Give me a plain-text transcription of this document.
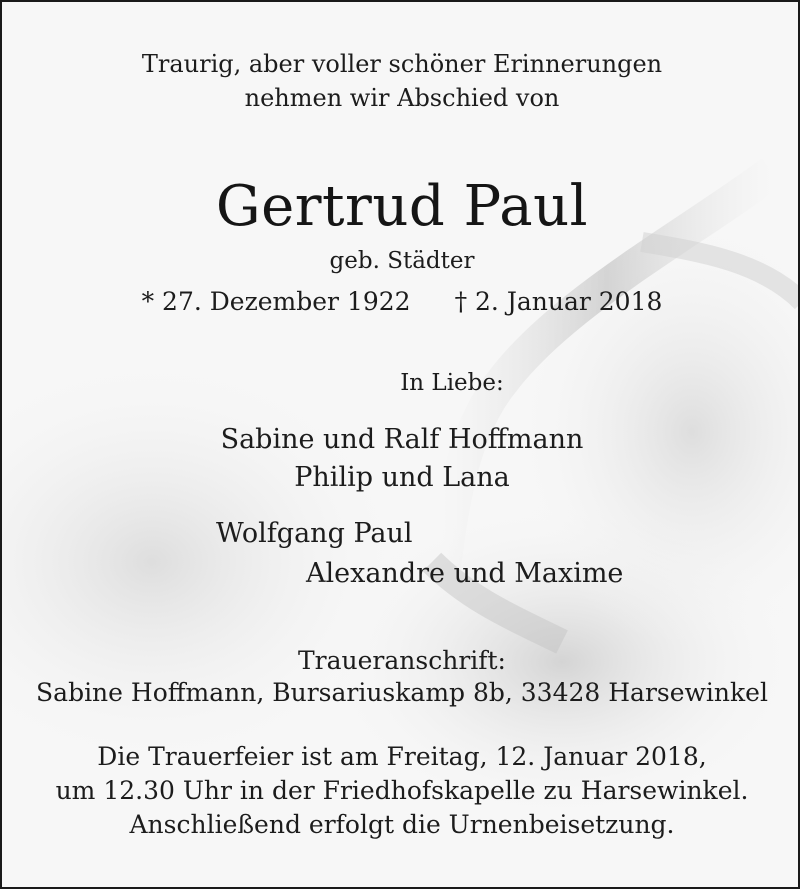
Traurig, aber voller schöner Erinnerungen
nehmen wir Abschied von
Gertrud Paul
geb. Städter
* 27. Dezember 1922 † 2. Januar 2018
In Liebe:
Sabine und Ralf Hoffmann
Philip und Lana
Wolfgang Paul
Alexandre und Maxime
Traueranschrift:
Sabine Hoffmann, Bursariuskamp 8b, 33428 Harsewinkel
Die Trauerfeier ist am Freitag, 12. Januar 2018,
um 12.30 Uhr in der Friedhofskapelle zu Harsewinkel.
Anschließend erfolgt die Urnenbeisetzung.
